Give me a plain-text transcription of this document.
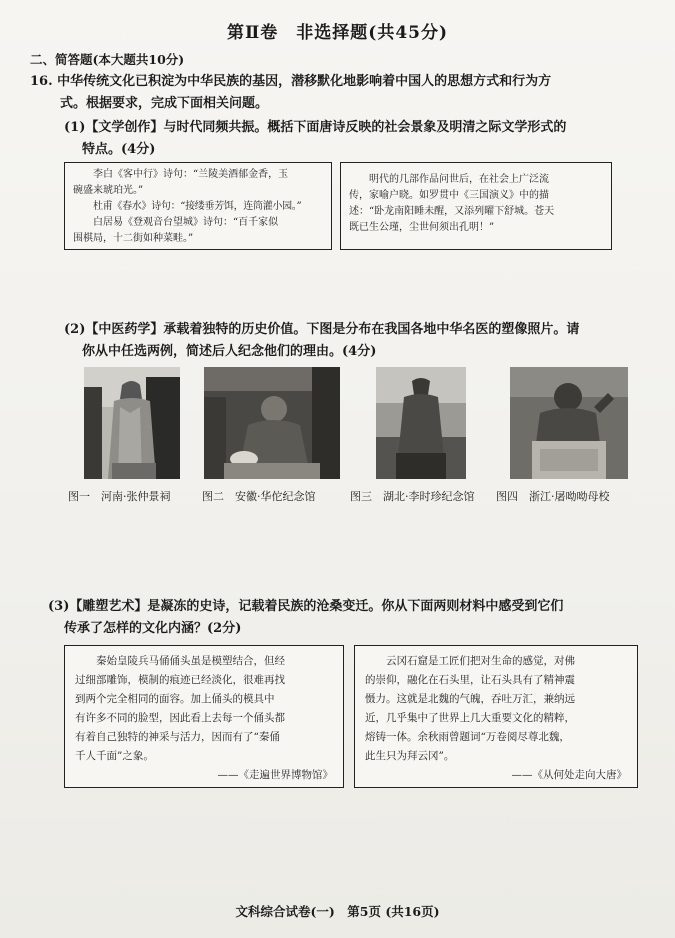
第Ⅱ卷　非选择题(共45分)
二、简答题(本大题共10分)
16. 中华传统文化已积淀为中华民族的基因，潜移默化地影响着中国人的思想方式和行为方
式。根据要求，完成下面相关问题。
(1)【文学创作】与时代同频共振。概括下面唐诗反映的社会景象及明清之际文学形式的
特点。(4分)

李白《客中行》诗句：“兰陵美酒郁金香，玉

碗盛来琥珀光。”

杜甫《春水》诗句：“接缕垂芳饵，连筒灌小园。”

白居易《登观音台望城》诗句：“百千家似

围棋局，十二街如种菜畦。”

明代的几部作品问世后，在社会上广泛流

传，家喻户晓。如罗贯中《三国演义》中的描

述：“卧龙南阳睡未醒，又添列曜下舒城。苍天

既已生公瑾，尘世何须出孔明！”

(2)【中医药学】承载着独特的历史价值。下图是分布在我国各地中华名医的塑像照片。请
你从中任选两例，简述后人纪念他们的理由。(4分)
图一　河南·张仲景祠	图二　安徽·华佗纪念馆	图三　湖北·李时珍纪念馆 图四　浙江·屠呦呦母校
(3)【雕塑艺术】是凝冻的史诗，记载着民族的沧桑变迁。你从下面两则材料中感受到它们
传承了怎样的文化内涵？(2分)

秦始皇陵兵马俑俑头虽是模塑结合，但经

过细部雕饰，模制的痕迹已经淡化，很难再找

到两个完全相同的面容。加上俑头的模具中

有许多不同的脸型，因此看上去每一个俑头都

有着自己独特的神采与活力，因而有了“秦俑

千人千面”之象。

——《走遍世界博物馆》

云冈石窟是工匠们把对生命的感觉，对佛

的崇仰，融化在石头里，让石头具有了精神震

慑力。这就是北魏的气魄，吞吐万汇，兼纳远

近，几乎集中了世界上几大重要文化的精粹，

熔铸一体。余秋雨曾题词“万卷阅尽尊北魏，

此生只为拜云冈”。

——《从何处走向大唐》

文科综合试卷(一)　第5页 (共16页)
